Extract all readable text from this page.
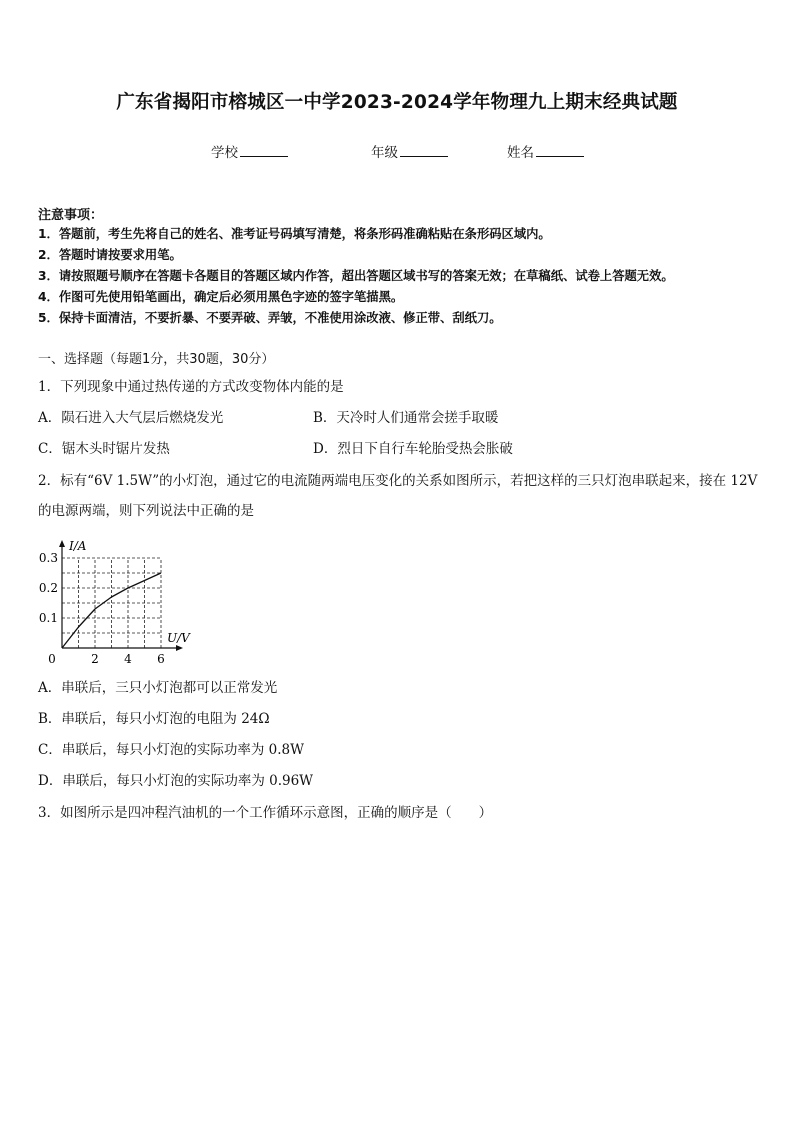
广东省揭阳市榕城区一中学2023-2024学年物理九上期末经典试题
学校	年级	姓名
注意事项：
1．答题前，考生先将自己的姓名、准考证号码填写清楚，将条形码准确粘贴在条形码区域内。
2．答题时请按要求用笔。
3．请按照题号顺序在答题卡各题目的答题区域内作答，超出答题区域书写的答案无效；在草稿纸、试卷上答题无效。
4．作图可先使用铅笔画出，确定后必须用黑色字迹的签字笔描黑。
5．保持卡面清洁，不要折暴、不要弄破、弄皱，不准使用涂改液、修正带、刮纸刀。
一、选择题（每题1分，共30题，30分）
1．下列现象中通过热传递的方式改变物体内能的是
A．陨石进入大气层后燃烧发光	B．天冷时人们通常会搓手取暖
C．锯木头时锯片发热	D．烈日下自行车轮胎受热会胀破
2．标有“6V 1.5W”的小灯泡，通过它的电流随两端电压变化的关系如图所示，若把这样的三只灯泡串联起来，接在 12V
的电源两端，则下列说法中正确的是
2 4 6
0.1
0.2
0.3
0
I/A
U/V
A．串联后，三只小灯泡都可以正常发光
B．串联后，每只小灯泡的电阻为 24Ω
C．串联后，每只小灯泡的实际功率为 0.8W
D．串联后，每只小灯泡的实际功率为 0.96W
3．如图所示是四冲程汽油机的一个工作循环示意图，正确的顺序是（　　）
